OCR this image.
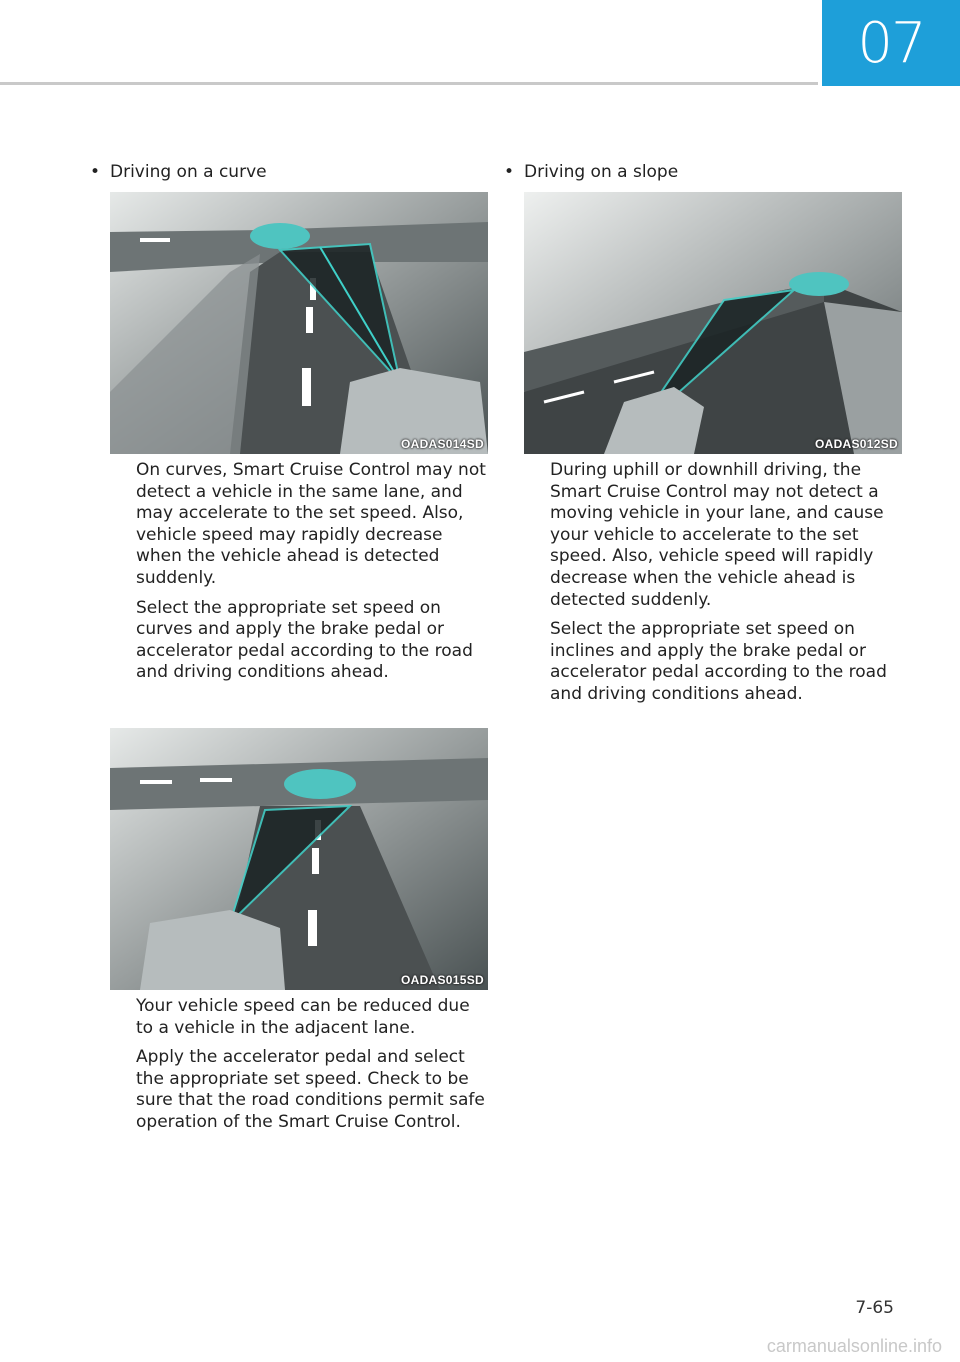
07
• Driving on a curve
OADAS014SD

On curves, Smart Cruise Control may not detect a vehicle in the same lane, and may accelerate to the set speed. Also, vehicle speed may rapidly decrease when the vehicle ahead is detected suddenly.

Select the appropriate set speed on curves and apply the brake pedal or accelerator pedal according to the road and driving conditions ahead.

OADAS015SD

Your vehicle speed can be reduced due to a vehicle in the adjacent lane.

Apply the accelerator pedal and select the appropriate set speed. Check to be sure that the road conditions permit safe operation of the Smart Cruise Control.

• Driving on a slope
OADAS012SD

During uphill or downhill driving, the Smart Cruise Control may not detect a moving vehicle in your lane, and cause your vehicle to accelerate to the set speed. Also, vehicle speed will rapidly decrease when the vehicle ahead is detected suddenly.

Select the appropriate set speed on inclines and apply the brake pedal or accelerator pedal according to the road and driving conditions ahead.

7-65
carmanualsonline.info
